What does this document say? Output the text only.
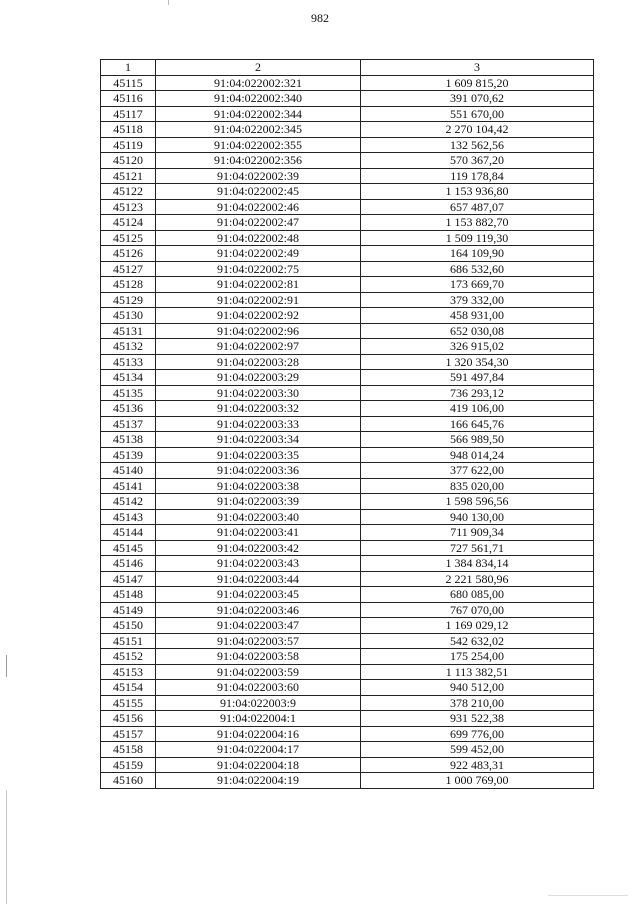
982
1	2	3
45115	91:04:022002:321	1 609 815,20
45116	91:04:022002:340	391 070,62
45117	91:04:022002:344	551 670,00
45118	91:04:022002:345	2 270 104,42
45119	91:04:022002:355	132 562,56
45120	91:04:022002:356	570 367,20
45121	91:04:022002:39	119 178,84
45122	91:04:022002:45	1 153 936,80
45123	91:04:022002:46	657 487,07
45124	91:04:022002:47	1 153 882,70
45125	91:04:022002:48	1 509 119,30
45126	91:04:022002:49	164 109,90
45127	91:04:022002:75	686 532,60
45128	91:04:022002:81	173 669,70
45129	91:04:022002:91	379 332,00
45130	91:04:022002:92	458 931,00
45131	91:04:022002:96	652 030,08
45132	91:04:022002:97	326 915,02
45133	91:04:022003:28	1 320 354,30
45134	91:04:022003:29	591 497,84
45135	91:04:022003:30	736 293,12
45136	91:04:022003:32	419 106,00
45137	91:04:022003:33	166 645,76
45138	91:04:022003:34	566 989,50
45139	91:04:022003:35	948 014,24
45140	91:04:022003:36	377 622,00
45141	91:04:022003:38	835 020,00
45142	91:04:022003:39	1 598 596,56
45143	91:04:022003:40	940 130,00
45144	91:04:022003:41	711 909,34
45145	91:04:022003:42	727 561,71
45146	91:04:022003:43	1 384 834,14
45147	91:04:022003:44	2 221 580,96
45148	91:04:022003:45	680 085,00
45149	91:04:022003:46	767 070,00
45150	91:04:022003:47	1 169 029,12
45151	91:04:022003:57	542 632,02
45152	91:04:022003:58	175 254,00
45153	91:04:022003:59	1 113 382,51
45154	91:04:022003:60	940 512,00
45155	91:04:022003:9	378 210,00
45156	91:04:022004:1	931 522,38
45157	91:04:022004:16	699 776,00
45158	91:04:022004:17	599 452,00
45159	91:04:022004:18	922 483,31
45160	91:04:022004:19	1 000 769,00
